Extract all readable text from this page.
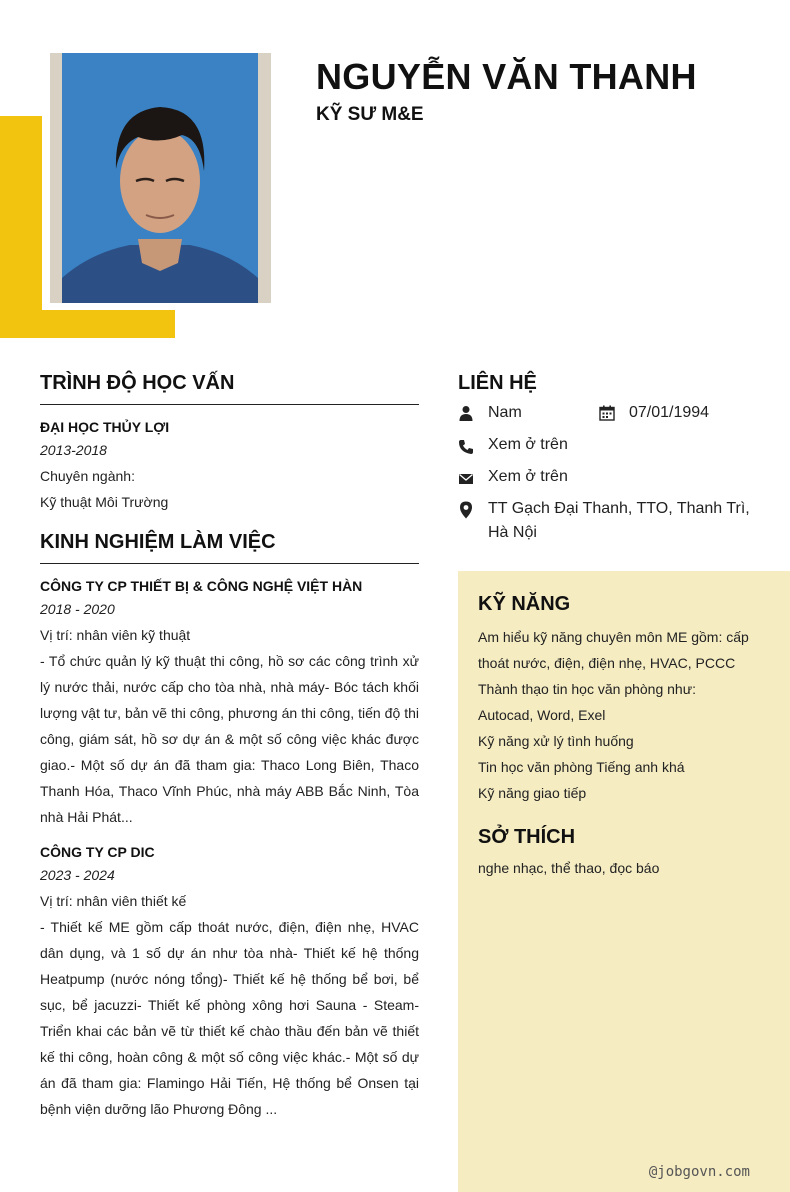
NGUYỄN VĂN THANH
KỸ SƯ M&E
TRÌNH ĐỘ HỌC VẤN
ĐẠI HỌC THỦY LỢI
2013-2018
Chuyên ngành:
Kỹ thuật Môi Trường
KINH NGHIỆM LÀM VIỆC
CÔNG TY CP THIẾT BỊ & CÔNG NGHỆ VIỆT HÀN
2018 - 2020
Vị trí: nhân viên kỹ thuật
- Tổ chức quản lý kỹ thuật thi công, hồ sơ các công trình xử lý nước thải, nước cấp cho tòa nhà, nhà máy- Bóc tách khối lượng vật tư, bản vẽ thi công, phương án thi công, tiến độ thi công, giám sát, hồ sơ dự án & một số công việc khác được giao.- Một số dự án đã tham gia: Thaco Long Biên, Thaco Thanh Hóa, Thaco Vĩnh Phúc, nhà máy ABB Bắc Ninh, Tòa nhà Hải Phát...
CÔNG TY CP DIC
2023 - 2024
Vị trí: nhân viên thiết kế
- Thiết kế ME gồm cấp thoát nước, điện, điện nhẹ, HVAC dân dụng, và 1 số dự án như tòa nhà- Thiết kế hệ thống Heatpump (nước nóng tổng)- Thiết kế hệ thống bể bơi, bể sục, bể jacuzzi- Thiết kế phòng xông hơi Sauna - Steam-Triển khai các bản vẽ từ thiết kế chào thầu đến bản vẽ thiết kế thi công, hoàn công & một số công việc khác.- Một số dự án đã tham gia: Flamingo Hải Tiến, Hệ thống bể Onsen tại bệnh viện dưỡng lão Phương Đông ...
LIÊN HỆ
Nam	07/01/1994
Xem ở trên
Xem ở trên
TT Gạch Đại Thanh, TTO, Thanh Trì, Hà Nội
KỸ NĂNG
Am hiểu kỹ năng chuyên môn ME gồm: cấp thoát nước, điện, điện nhẹ, HVAC, PCCC
Thành thạo tin học văn phòng như:
Autocad, Word, Exel
Kỹ năng xử lý tình huống
Tin học văn phòng Tiếng anh khá
Kỹ năng giao tiếp
SỞ THÍCH
nghe nhạc, thể thao, đọc báo
@jobgovn.com
